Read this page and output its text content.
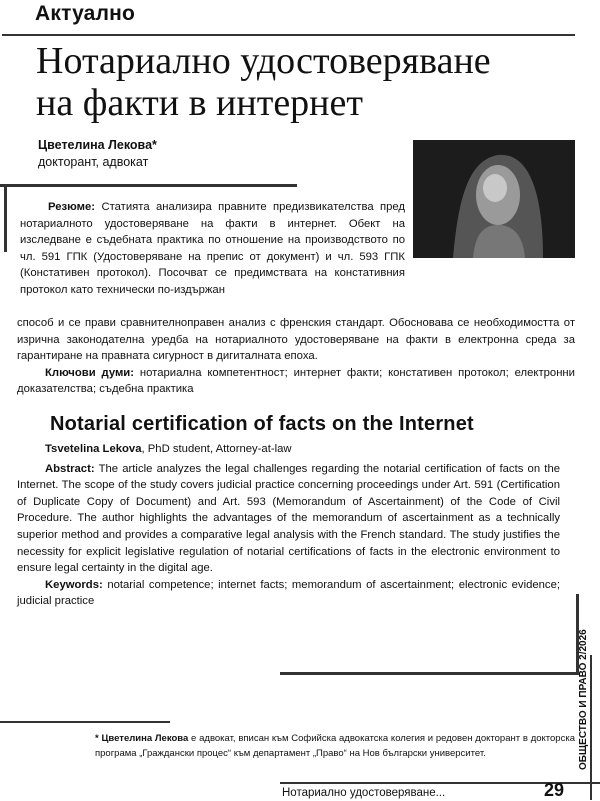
Актуално
Нотариално удостоверяване
на факти в интернет
Цветелина Лекова*
докторант, адвокат
Резюме: Статията анализира правните предизвикателства пред нотариалното удостоверяване на факти в интернет. Обект на изследване е съдебната практика по отношение на производството по чл. 591 ГПК (Удостоверяване на препис от документ) и чл. 593 ГПК (Констативен протокол). Посочват се предимствата на констативния протокол като технически по-издържан
способ и се прави сравнителноправен анализ с френския стандарт. Обосновава се необходимостта от изрична законодателна уредба на нотариалното удостоверяване на факти в електронна среда за гарантиране на правната сигурност в дигиталната епоха.
Ключови думи: нотариална компетентност; интернет факти; констативен протокол; електронни доказателства; съдебна практика
Notarial certification of facts on the Internet
Tsvetelina Lekova, PhD student, Attorney-at-law
Abstract: The article analyzes the legal challenges regarding the notarial certification of facts on the Internet. The scope of the study covers judicial practice concerning proceedings under Art. 591 (Certification of Duplicate Copy of Document) and Art. 593 (Memorandum of Ascertainment) of the Code of Civil Procedure. The author highlights the advantages of the memorandum of ascertainment as a technically superior method and provides a comparative legal analysis with the French standard. The study justifies the necessity for explicit legislative regulation of notarial certifications of facts in the electronic environment to ensure legal certainty in the digital age.
Keywords: notarial competence; internet facts; memorandum of ascertainment; electronic evidence; judicial practice
* Цветелина Лекова е адвокат, вписан към Софийска адвокатска колегия и редовен докторант в докторска програма „Граждански процес“ към департамент „Право“ на Нов български университет.
Нотариално удостоверяване...	29
ОБЩЕСТВО И ПРАВО 2/2026
